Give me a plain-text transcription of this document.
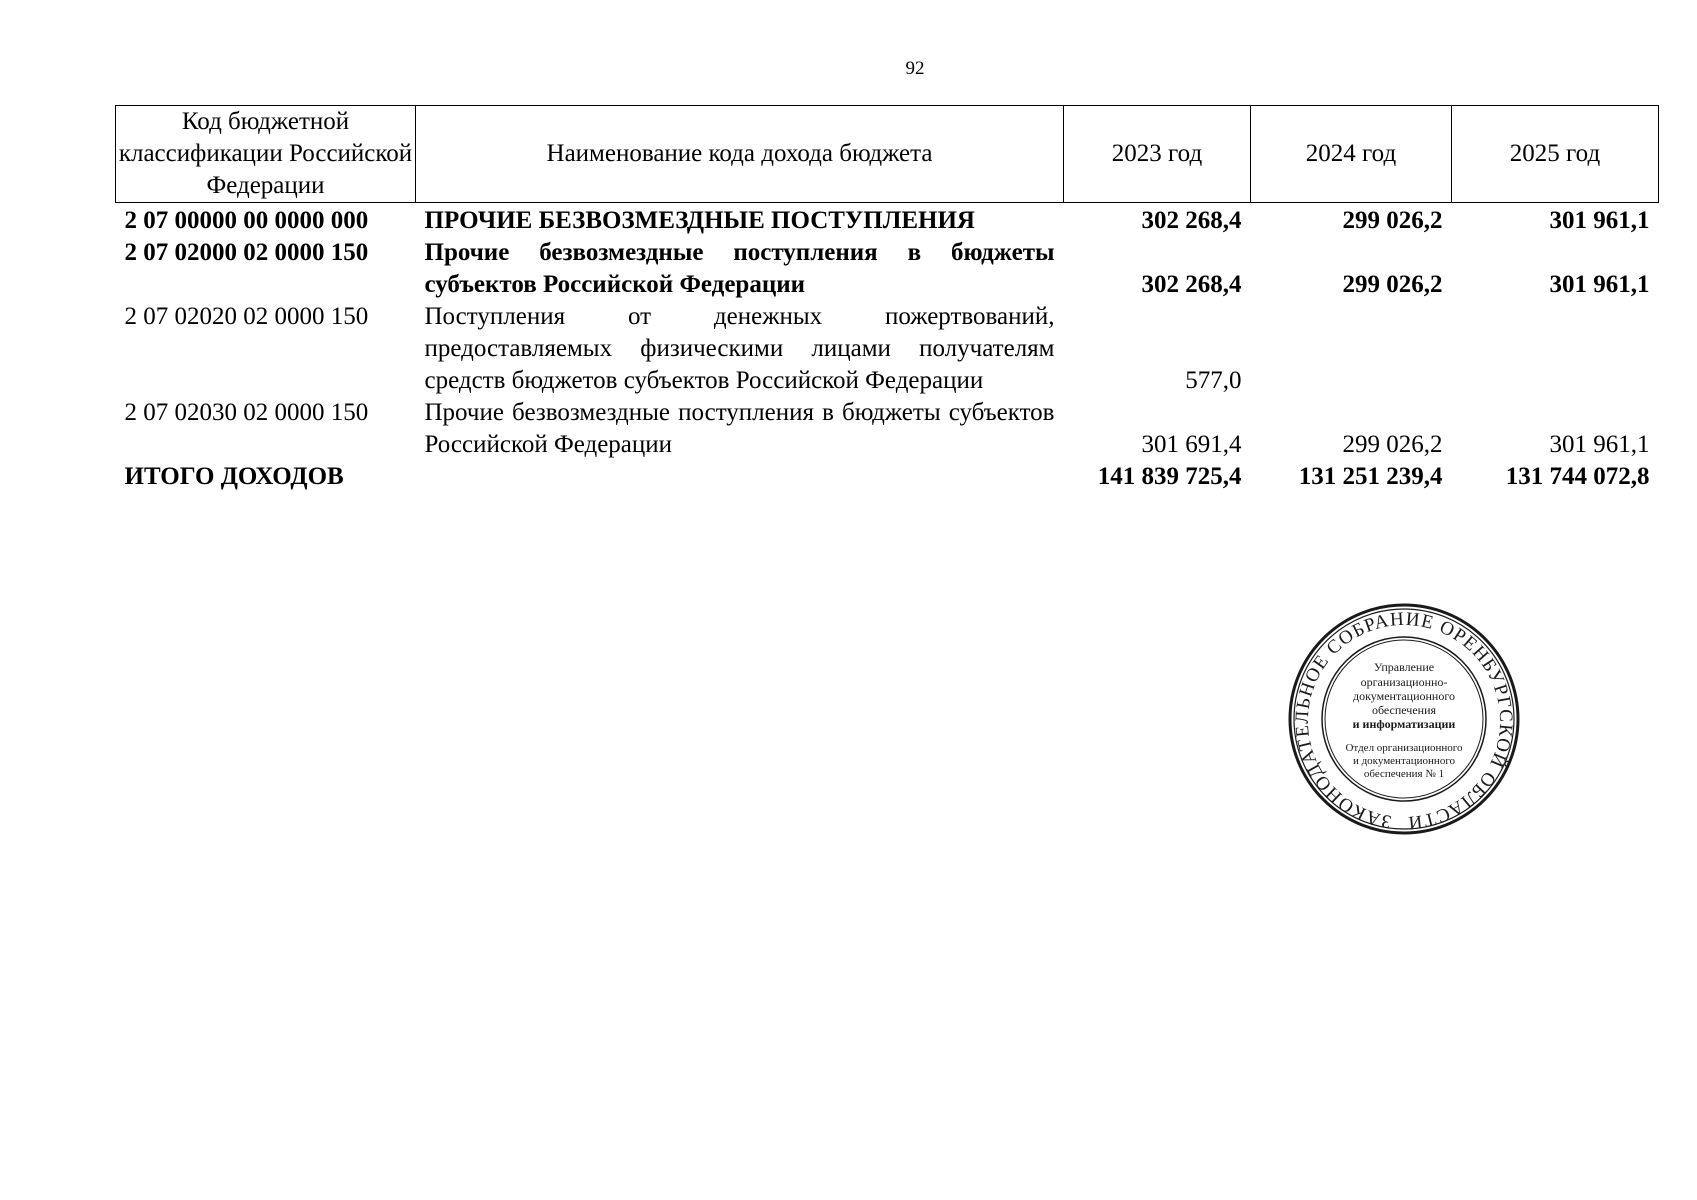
92
Код бюджетной классификации Российской Федерации	Наименование кода дохода бюджета	2023 год	2024 год	2025 год
2 07 00000 00 0000 000	ПРОЧИЕ БЕЗВОЗМЕЗДНЫЕ ПОСТУПЛЕНИЯ	302 268,4	299 026,2	301 961,1
2 07 02000 02 0000 150	Прочие безвозмездные поступления в бюджеты субъектов Российской Федерации	302 268,4	299 026,2	301 961,1
2 07 02020 02 0000 150	Поступления от денежных пожертвований, предоставляемых физическими лицами получателям средств бюджетов субъектов Российской Федерации	577,0		
2 07 02030 02 0000 150	Прочие безвозмездные поступления в бюджеты субъектов Российской Федерации	301 691,4	299 026,2	301 961,1
ИТОГО ДОХОДОВ		141 839 725,4	131 251 239,4	131 744 072,8
ЗАКОНОДАТЕЛЬНОЕ СОБРАНИЕ ОРЕНБУРГСКОЙ ОБЛАСТИ
Управление
организационно-
документационного
обеспечения
и информатизации
Отдел организационного
и документационного
обеспечения № 1
